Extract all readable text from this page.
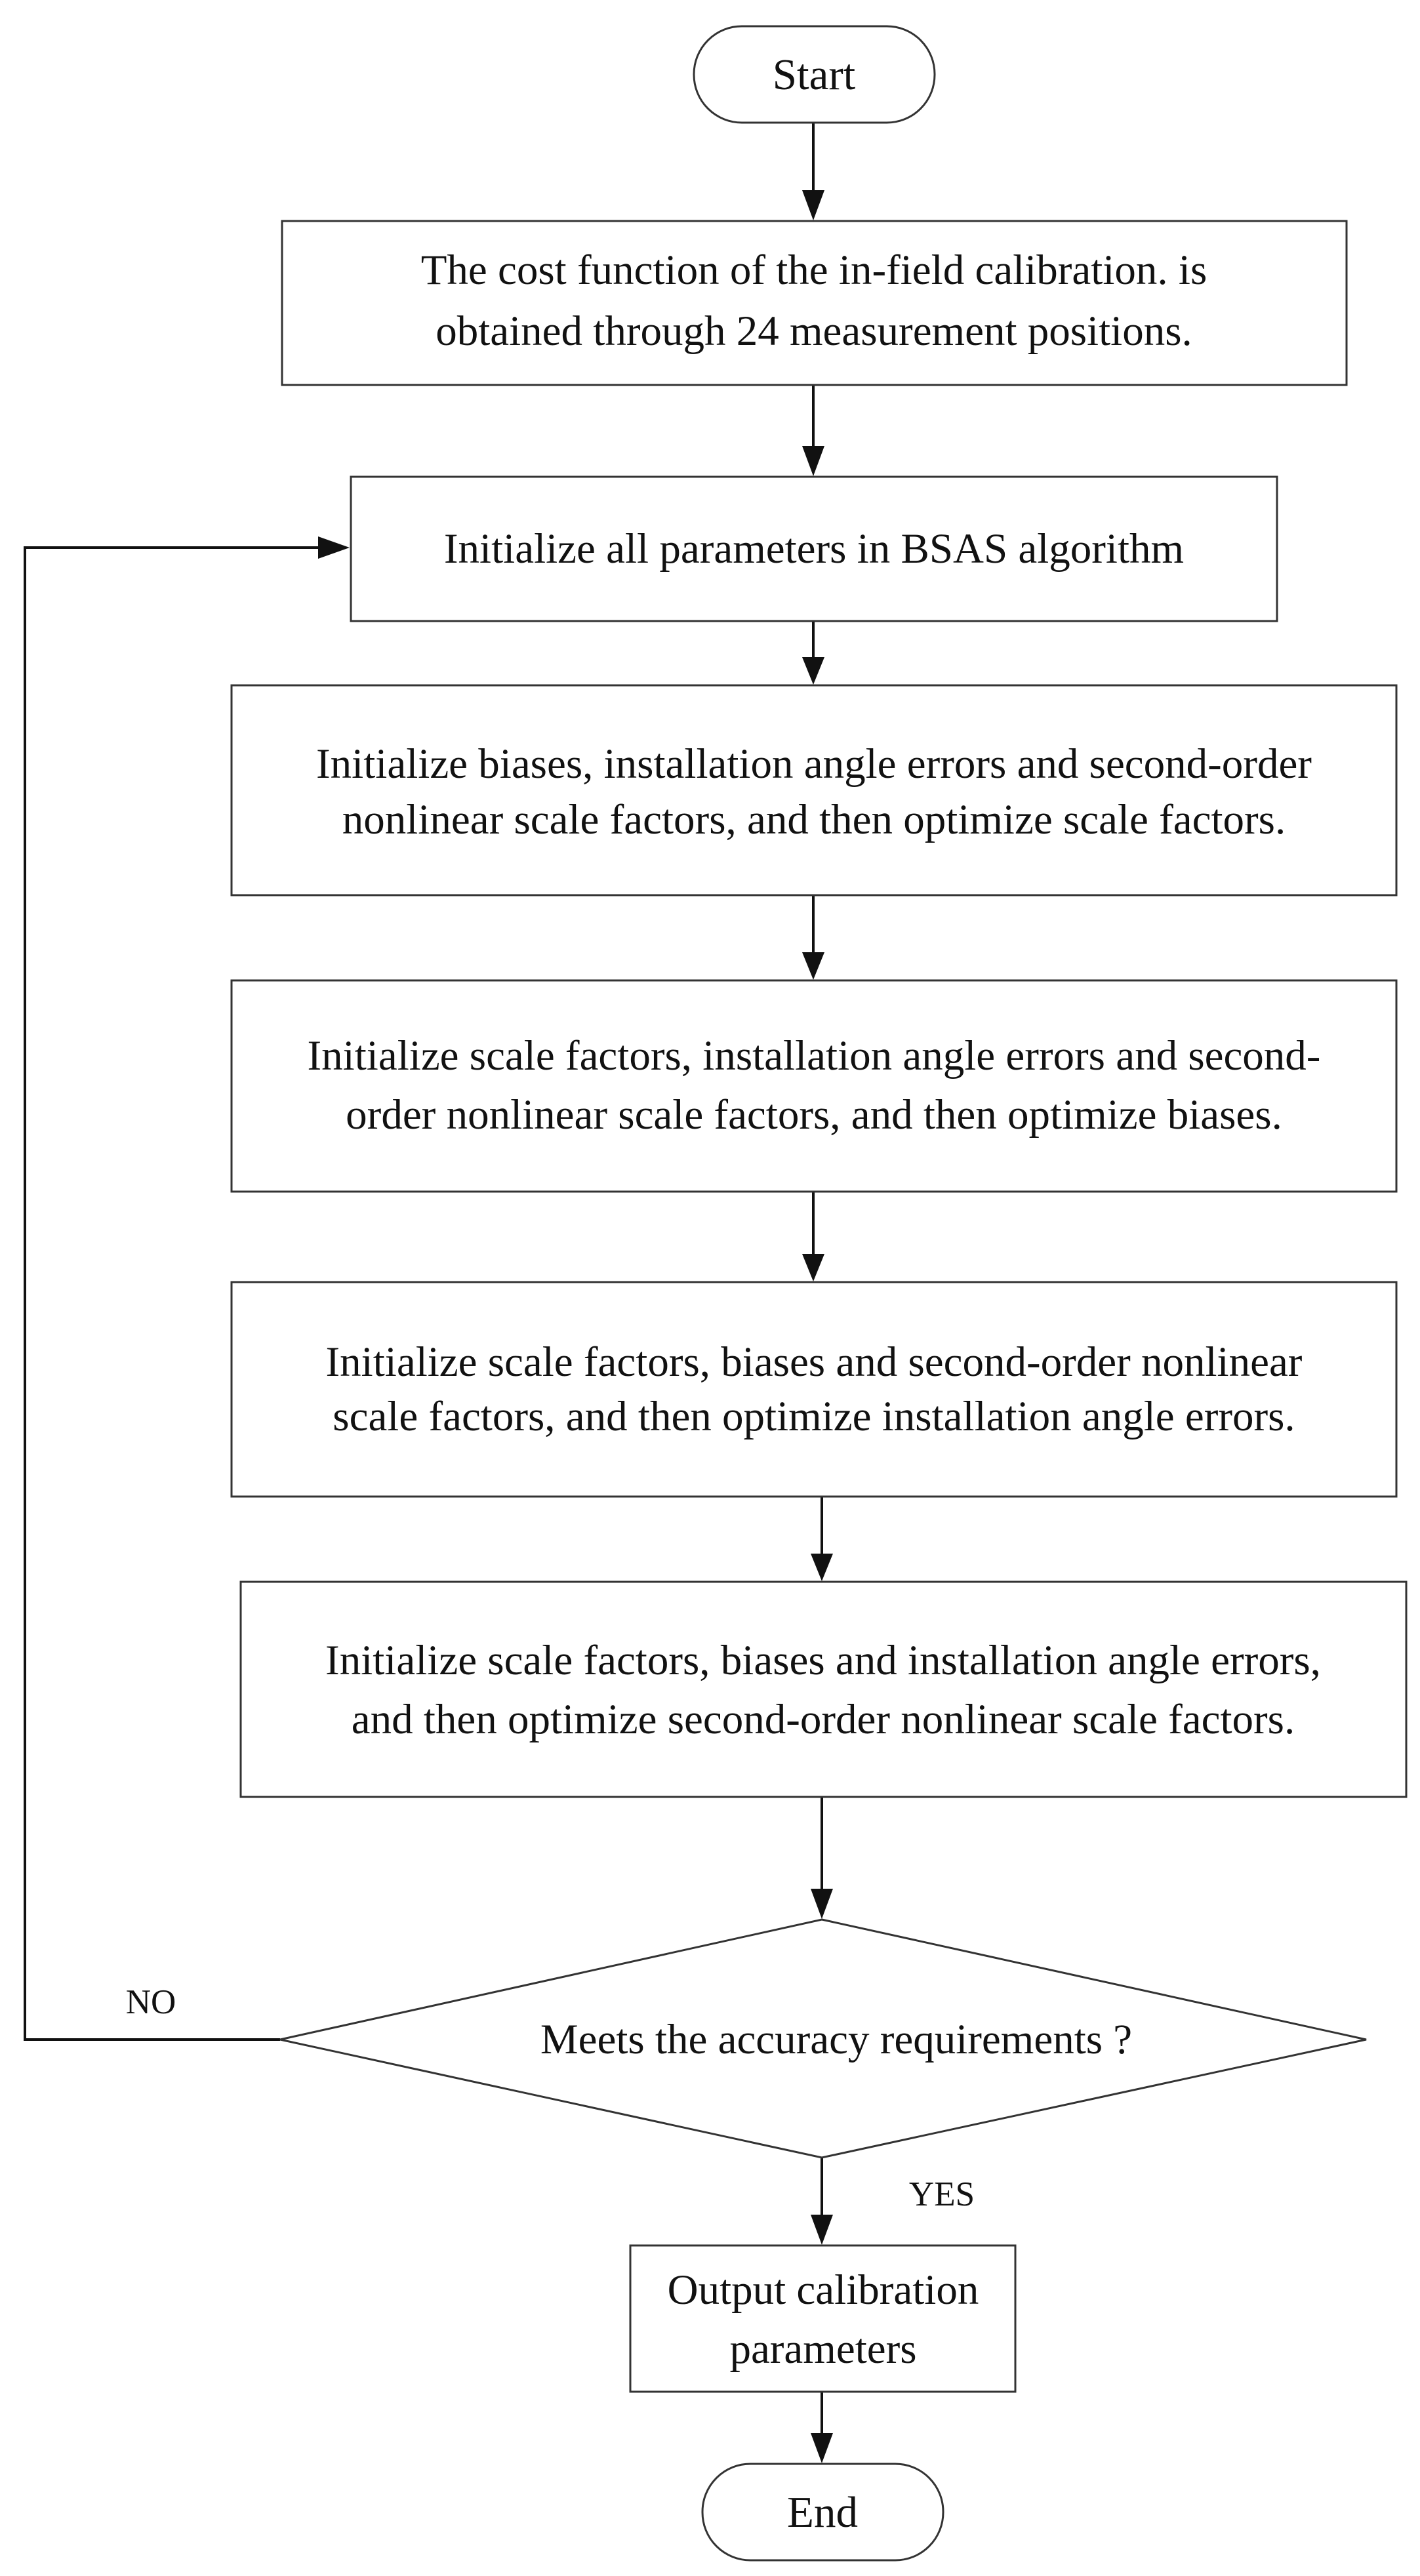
Start
The cost function of the in-field calibration. is
obtained through 24 measurement positions.
Initialize all parameters in BSAS algorithm
Initialize biases, installation angle errors and second-order
nonlinear scale factors, and then optimize scale factors.
Initialize scale factors, installation angle errors and second-
order nonlinear scale factors, and then optimize biases.
Initialize scale factors, biases and second-order nonlinear
scale factors, and then optimize installation angle errors.
Initialize scale factors, biases and installation angle errors,
and then optimize second-order nonlinear scale factors.
Meets the accuracy requirements ?
NO
YES
Output calibration
parameters
End
